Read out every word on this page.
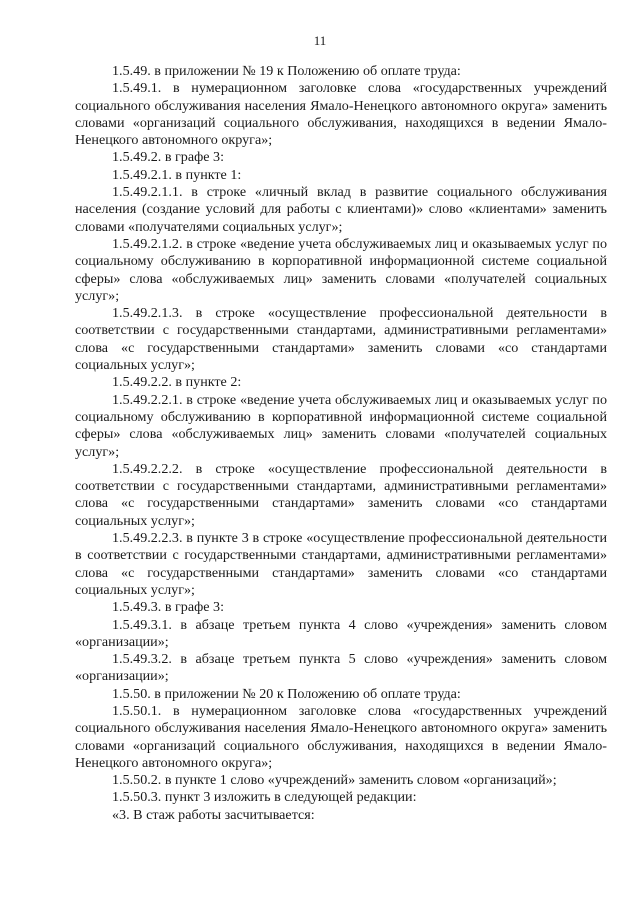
11

1.5.49. в приложении № 19 к Положению об оплате труда:

1.5.49.1. в нумерационном заголовке слова «государственных учреждений социального обслуживания населения Ямало-Ненецкого автономного округа» заменить словами «организаций социального обслуживания, находящихся в ведении Ямало-Ненецкого автономного округа»;

1.5.49.2. в графе 3:

1.5.49.2.1. в пункте 1:

1.5.49.2.1.1. в строке «личный вклад в развитие социального обслуживания населения (создание условий для работы с клиентами)» слово «клиентами» заменить словами «получателями социальных услуг»;

1.5.49.2.1.2. в строке «ведение учета обслуживаемых лиц и оказываемых услуг по социальному обслуживанию в корпоративной информационной системе социальной сферы» слова «обслуживаемых лиц» заменить словами «получателей социальных услуг»;

1.5.49.2.1.3. в строке «осуществление профессиональной деятельности в соответствии с государственными стандартами, административными регламентами» слова «с государственными стандартами» заменить словами «со стандартами социальных услуг»;

1.5.49.2.2. в пункте 2:

1.5.49.2.2.1. в строке «ведение учета обслуживаемых лиц и оказываемых услуг по социальному обслуживанию в корпоративной информационной системе социальной сферы» слова «обслуживаемых лиц» заменить словами «получателей социальных услуг»;

1.5.49.2.2.2. в строке «осуществление профессиональной деятельности в соответствии с государственными стандартами, административными регламентами» слова «с государственными стандартами» заменить словами «со стандартами социальных услуг»;

1.5.49.2.2.3. в пункте 3 в строке «осуществление профессиональной деятельности в соответствии с государственными стандартами, административными регламентами» слова «с государственными стандартами» заменить словами «со стандартами социальных услуг»;

1.5.49.3. в графе 3:

1.5.49.3.1. в абзаце третьем пункта 4 слово «учреждения» заменить словом «организации»;

1.5.49.3.2. в абзаце третьем пункта 5 слово «учреждения» заменить словом «организации»;

1.5.50. в приложении № 20 к Положению об оплате труда:

1.5.50.1. в нумерационном заголовке слова «государственных учреждений социального обслуживания населения Ямало-Ненецкого автономного округа» заменить словами «организаций социального обслуживания, находящихся в ведении Ямало-Ненецкого автономного округа»;

1.5.50.2. в пункте 1 слово «учреждений» заменить словом «организаций»;

1.5.50.3. пункт 3 изложить в следующей редакции:

«3. В стаж работы засчитывается:
